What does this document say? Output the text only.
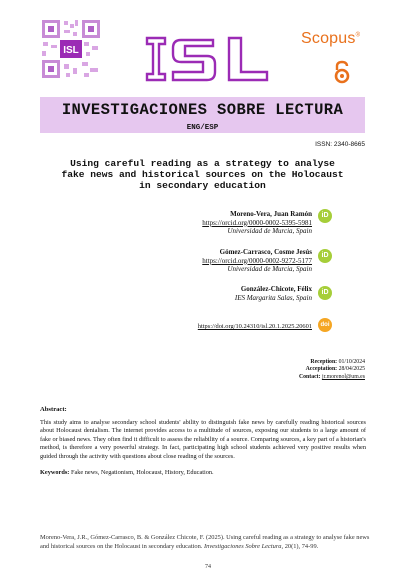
ISL
Scopus®
INVESTIGACIONES SOBRE LECTURA
ENG/ESP
ISSN: 2340-8665
Using careful reading as a strategy to analyse
fake news and historical sources on the Holocaust
in secondary education
Moreno-Vera, Juan Ramón
https://orcid.org/0000-0002-5395-5981
Universidad de Murcia, Spain
iD
Gómez-Carrasco, Cosme Jesús
https://orcid.org/0000-0002-9272-5177
Universidad de Murcia, Spain
iD
González-Chicote, Félix
IES Margarita Salas, Spain
iD
https://doi.org/10.24310/isl.20.1.2025.20601	doi
Reception: 01/10/2024
Acceptation: 28/04/2025
Contact: jr.morenol@um.es
Abstract:
This study aims to analyse secondary school students' ability to distinguish fake news by carefully reading historical sources about Holocaust denialism. The internet provides access to a multitude of sources, exposing our students to a large amount of fake or biased news. They often find it difficult to assess the reliability of a source. Comparing sources, a key part of a historian's method, is therefore a very powerful strategy. In fact, participating high school students achieved very positive results when guided through the activity with questions about close reading of the sources.
Keywords: Fake news, Negationism, Holocaust, History, Education.
Moreno-Vera, J.R., Gómez-Carrasco, B. & González Chicote, F. (2025). Using careful reading as a strategy to analyse fake news and historical sources on the Holocaust in secondary education. Investigaciones Sobre Lectura, 20(1), 74-99.
74
